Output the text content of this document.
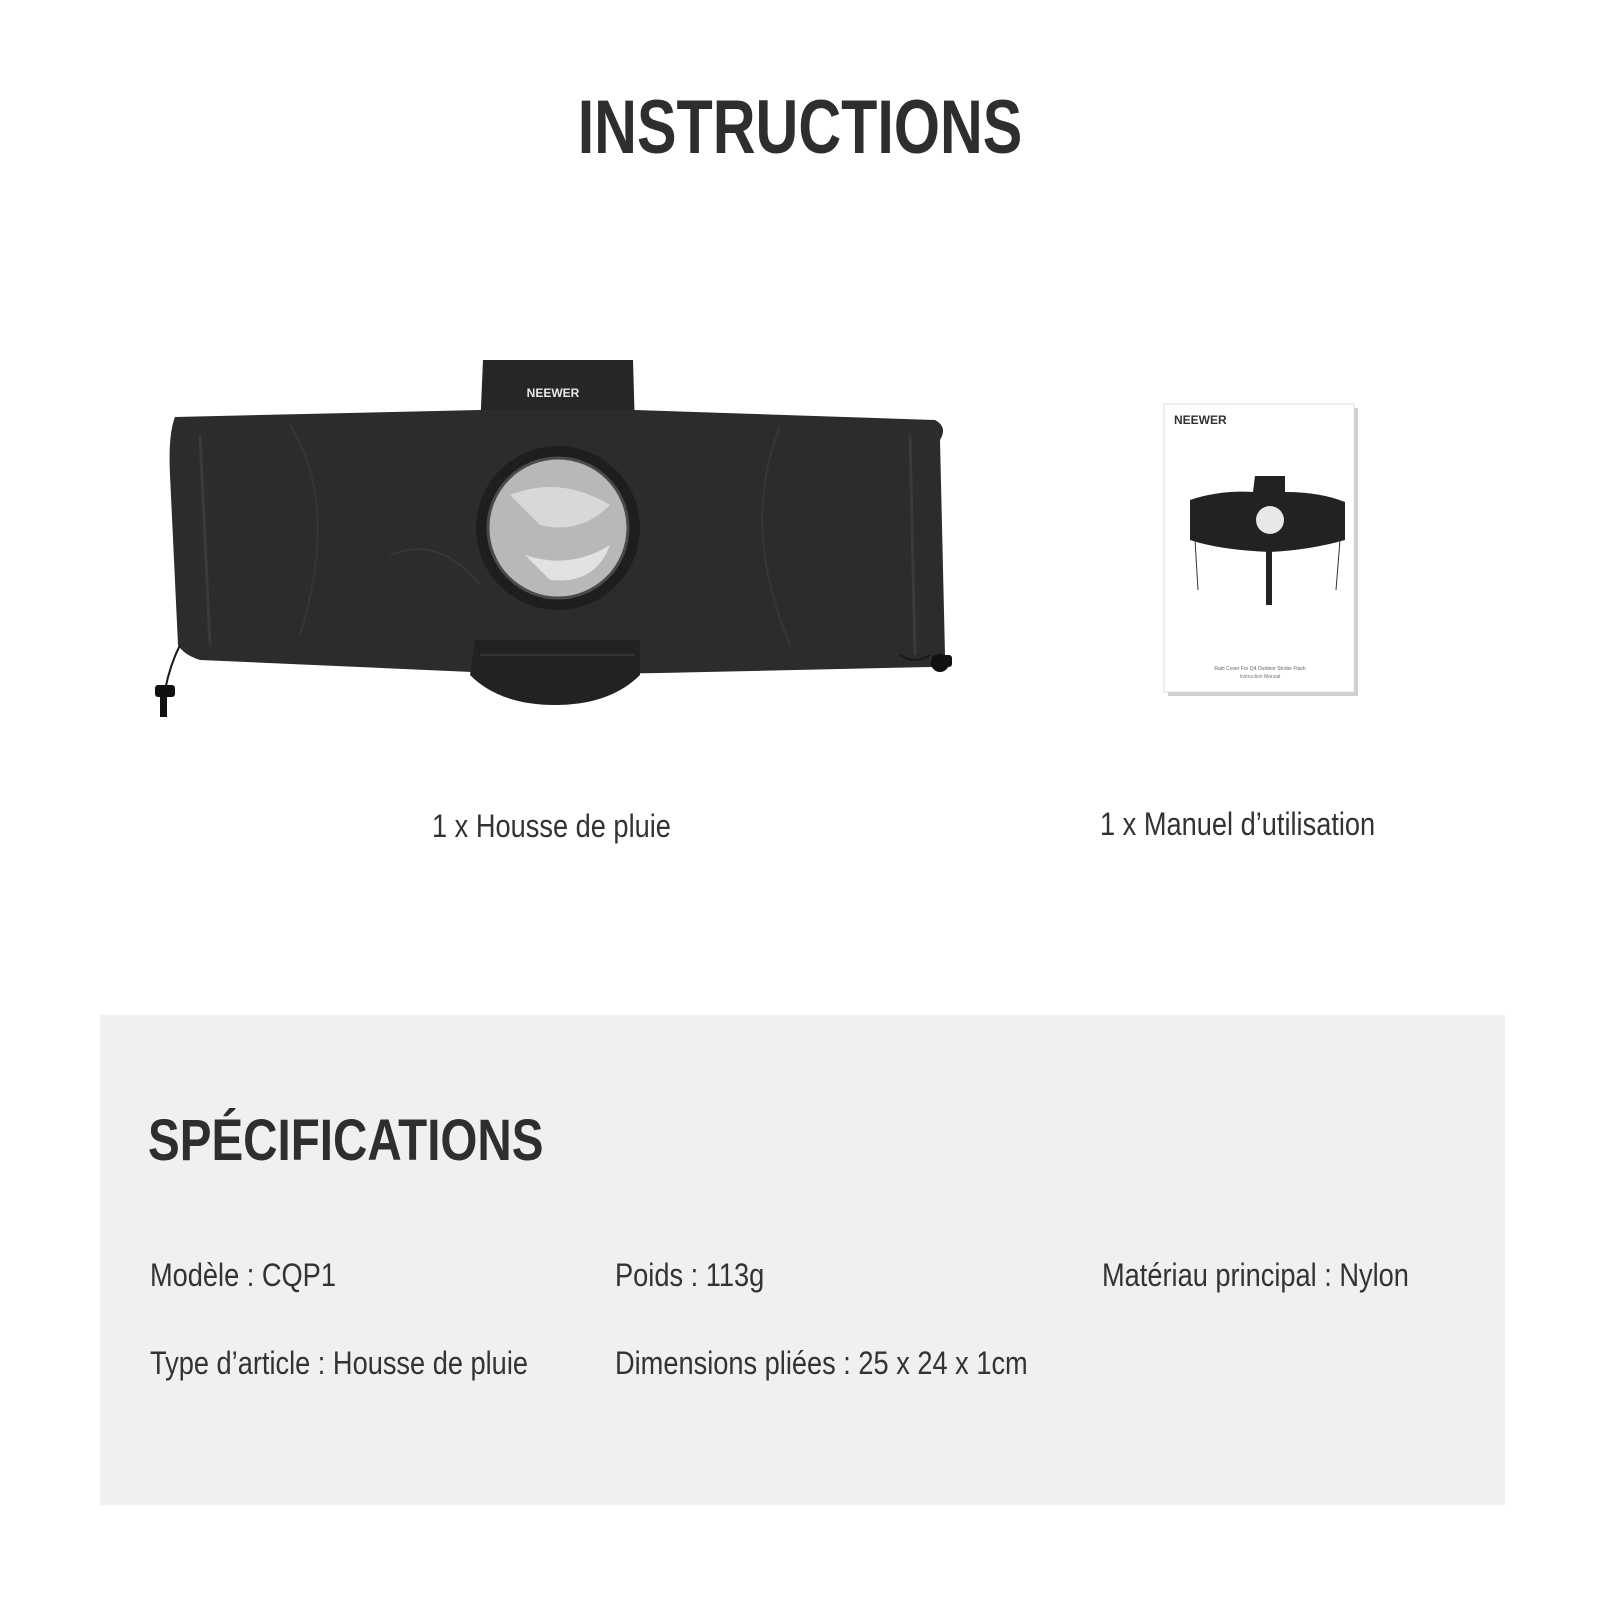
INSTRUCTIONS
NEEWER
1 x Housse de pluie
NEEWER
Rain Cover For Q4 Outdoor Strobe Flash
Instruction Manual
1 x Manuel d’utilisation
SPÉCIFICATIONS
Modèle : CQP1	Poids : 113g	Matériau principal : Nylon
Type d’article : Housse de pluie	Dimensions pliées : 25 x 24 x 1cm
